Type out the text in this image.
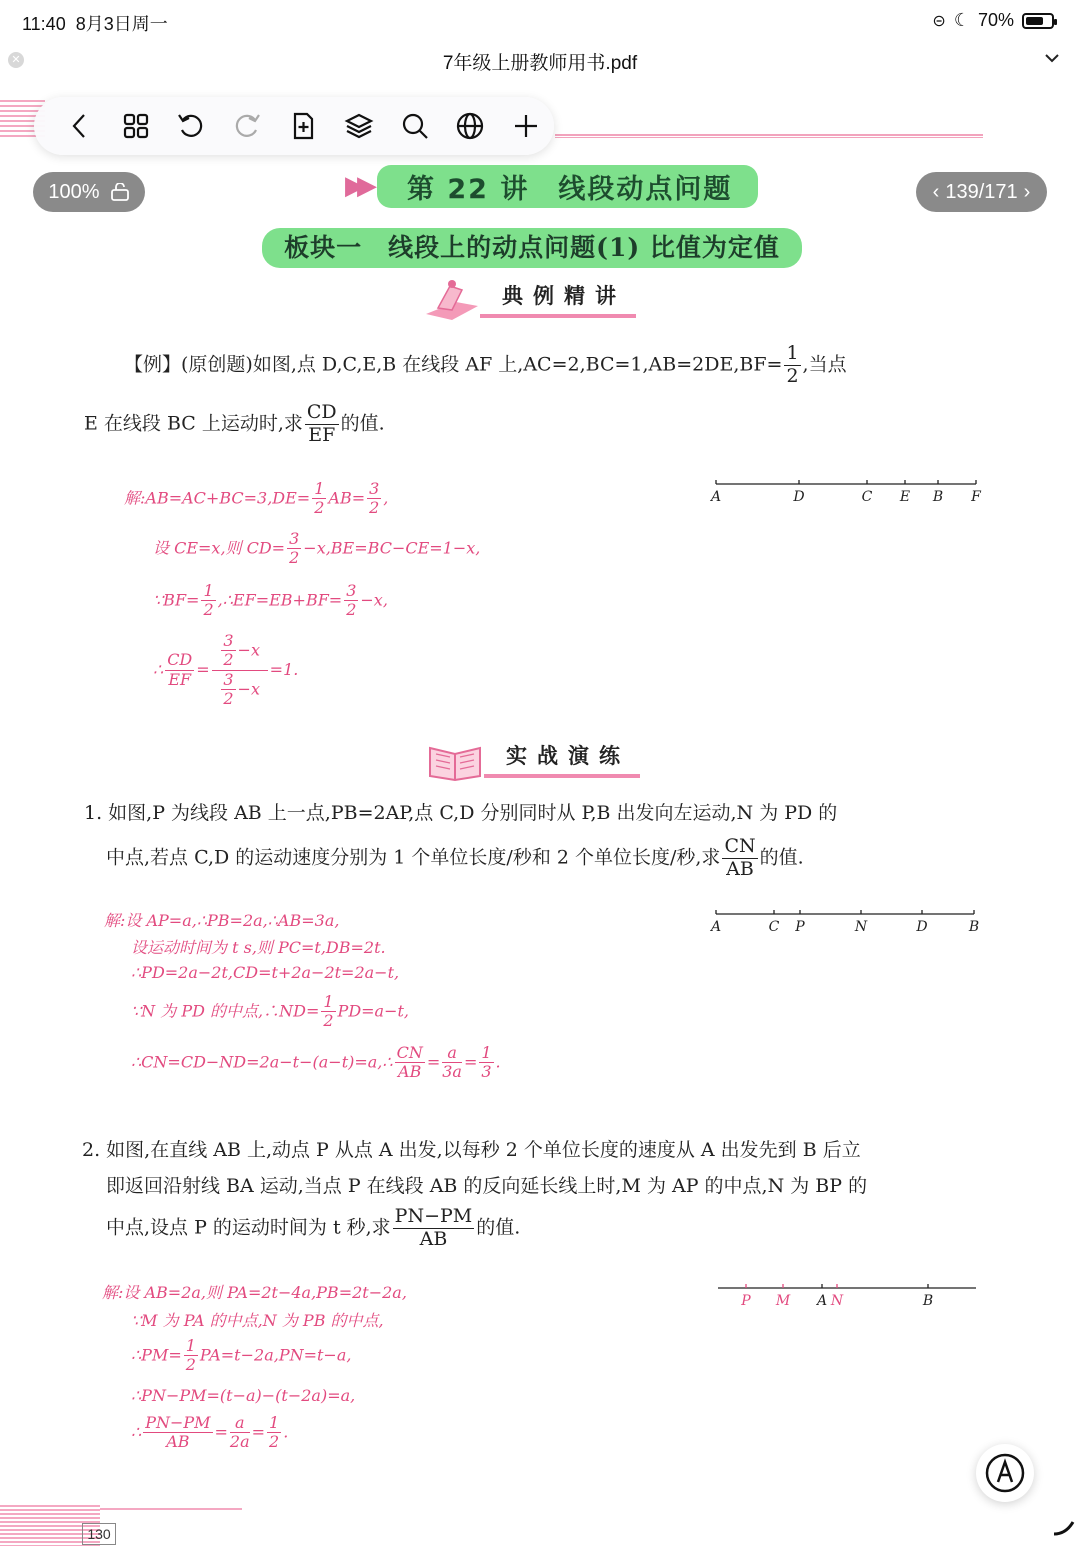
11:40 8月3日周一	⊝ ☾ 70%
✕	7年级上册教师用书.pdf
100%	‹ 139/171 ›
▶▶	第 22 讲　线段动点问题
板块一　线段上的动点问题(1) 比值为定值
典例精讲
【例】(原创题)如图,点 D,C,E,B 在线段 AF 上$,AC=2,BC=1,AB=2DE,BF= \frac{1}{2}$ ,当点
E 在线段 BC 上运动时,求 $\frac{CD}{EF}$ 的值.
A	D	C E B F
解:AB=AC+BC=3,DE= $\frac{1}{2} AB= \frac{3}{2}$ ,
设 CE=x,则 $CD= \frac{3}{2} -x,BE=BC-CE=1-x$,
∵BF= $\frac{1}{2}$ ,∴EF=EB+BF= $\frac{3}{2} -x$,
∴ $\frac{CD}{EF} = \frac{\frac{3}{2} -x}{\frac{3}{2} -x} =1$.
实战演练
1. 如图,P 为线段 AB 上一点,PB=2AP,点 C,D 分别同时从 P,B 出发向左运动,N 为 PD 的
中点,若点 C,D 的运动速度分别为 1 个单位长度/秒和 2 个单位长度/秒,求 $\frac{CN}{AB}$ 的值.
A	C P	N	D	B
解:设 AP=a,∴PB=2a,∴AB=3a,
设运动时间为 t s,则 PC=t,DB=2t.
∴PD=2a−2t,CD=t+2a−2t=2a−t,
∵N 为 PD 的中点,∴ND= $\frac{1}{2} PD=a-t$,
∴CN=CD−ND=2a−t−(a−t)=a,∴ $\frac{CN}{AB} = \frac{a}{3a} = \frac{1}{3}$ .
2. 如图,在直线 AB 上,动点 P 从点 A 出发,以每秒 2 个单位长度的速度从 A 出发先到 B 后立
即返回沿射线 BA 运动,当点 P 在线段 AB 的反向延长线上时,M 为 AP 的中点,N 为 BP 的
中点,设点 P 的运动时间为 t 秒,求 $\frac{PN-PM}{AB}$ 的值.
P M A N	B
解:设 AB=2a,则 PA=2t−4a,PB=2t−2a,
∵M 为 PA 的中点,N 为 PB 的中点,
∴PM= $\frac{1}{2} PA=t-2a,PN=t-a$,
∴PN−PM=(t−a)−(t−2a)=a,
∴ $\frac{PN-PM}{AB} = \frac{a}{2a} = \frac{1}{2}$ .
130
